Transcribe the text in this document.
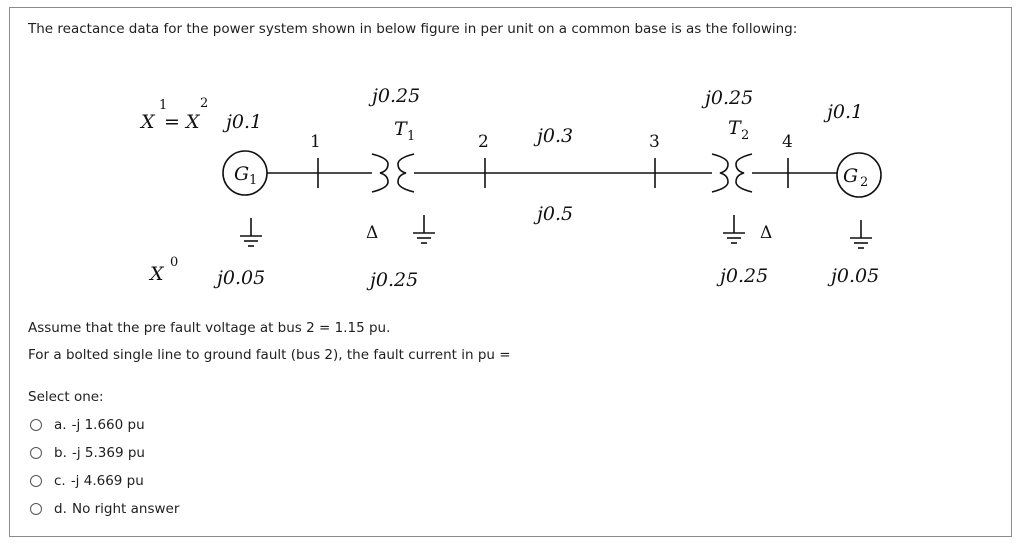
The reactance data for the power system shown in below figure in per unit on a common base is as the following:
X
1
= X
2
X
0
j0.1
j0.25
j0.3
j0.5
j0.25
j0.1
j0.05	j0.25	j0.25	j0.05
T 1	T 2
1	2	3	4
G 1	G 2
Δ	Δ
Assume that the pre fault voltage at bus 2 = 1.15 pu.
For a bolted single line to ground fault (bus 2), the fault current in pu =
Select one:
a.
-j 1.660 pu
b.
-j 5.369 pu
c.
-j 4.669 pu
d.
No right answer
